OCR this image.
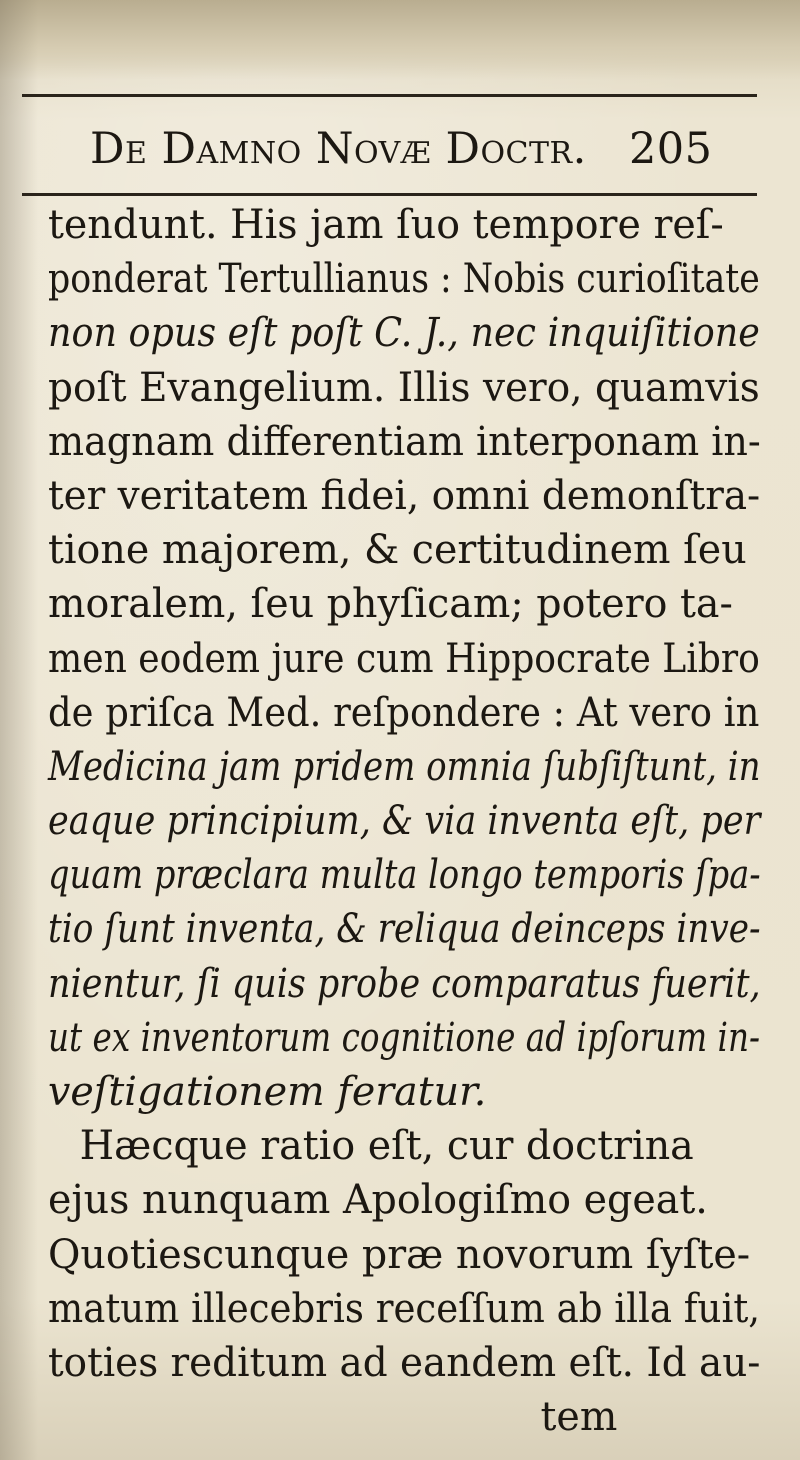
De Damno Novæ Doctr. 205
tendunt. His jam ſuo tempore reſ-
ponderat Tertullianus : Nobis curioſitate
non opus eſt poſt C. J., nec inquiſitione
poſt Evangelium. Illis vero, quamvis
magnam differentiam interponam in-
ter veritatem fidei, omni demonſtra-
tione majorem, & certitudinem ſeu
moralem, ſeu phyſicam; potero ta-
men eodem jure cum Hippocrate Libro
de priſca Med. reſpondere : At vero in
Medicina jam pridem omnia ſubſiſtunt, in
eaque principium, & via inventa eſt, per
quam præclara multa longo temporis ſpa-
tio ſunt inventa, & reliqua deinceps inve-
nientur, ſi quis probe comparatus fuerit,
ut ex inventorum cognitione ad ipſorum in-
veſtigationem feratur.
Hæcque ratio eſt, cur doctrina
ejus nunquam Apologiſmo egeat.
Quotiescunque præ novorum ſyſte-
matum illecebris receſſum ab illa fuit,
toties reditum ad eandem eſt. Id au-
tem
